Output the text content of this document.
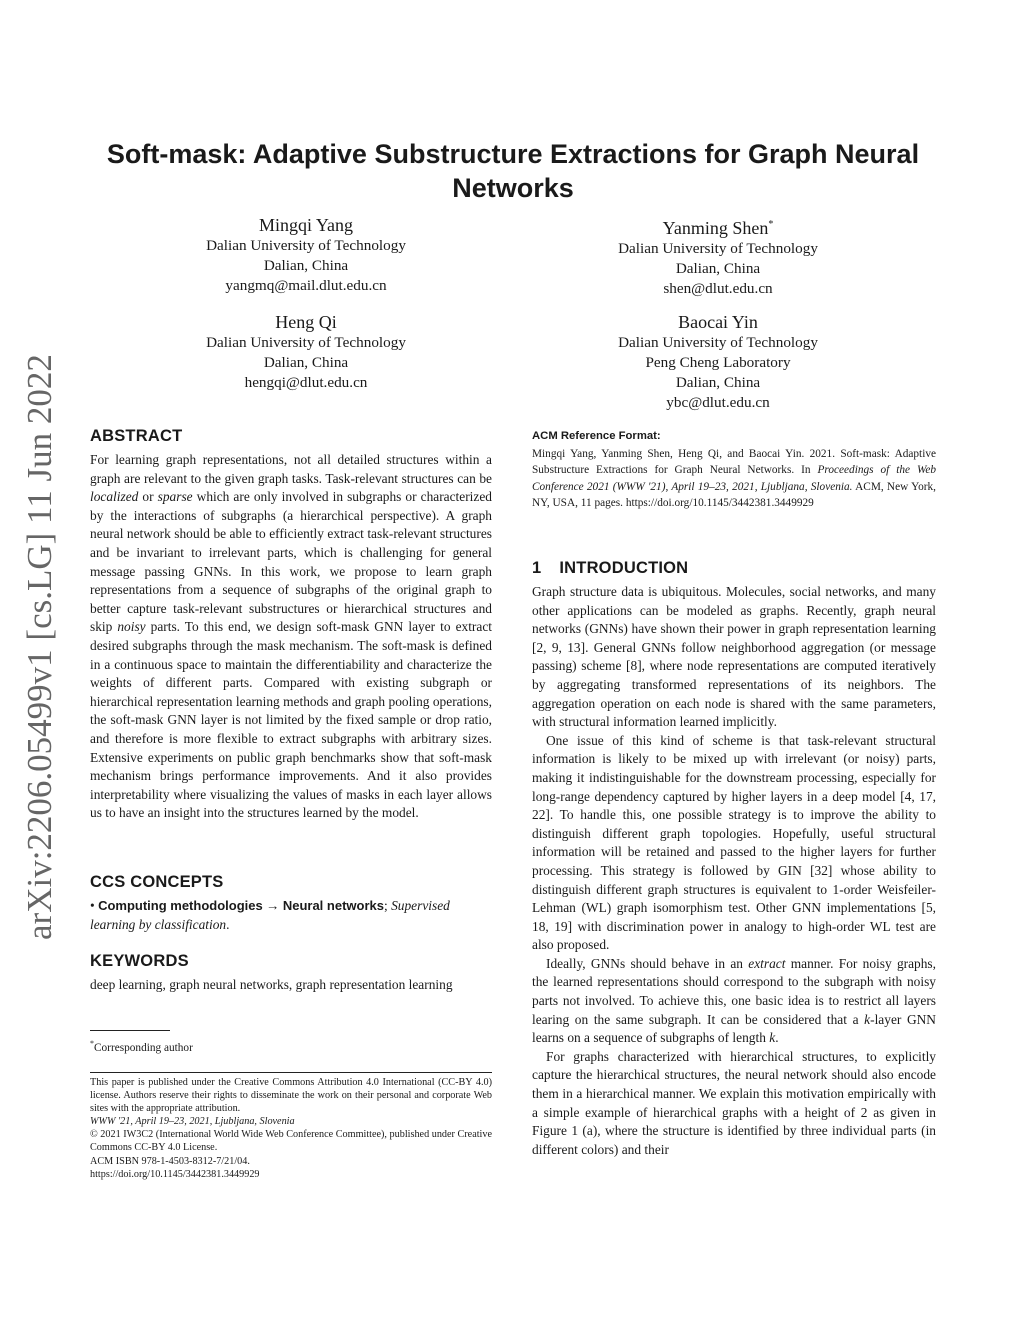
arXiv:2206.05499v1 [cs.LG] 11 Jun 2022
Soft-mask: Adaptive Substructure Extractions for Graph Neural Networks
Mingqi Yang
Dalian University of Technology
Dalian, China
yangmq@mail.dlut.edu.cn
Yanming Shen*
Dalian University of Technology
Dalian, China
shen@dlut.edu.cn
Heng Qi
Dalian University of Technology
Dalian, China
hengqi@dlut.edu.cn
Baocai Yin
Dalian University of Technology
Peng Cheng Laboratory
Dalian, China
ybc@dlut.edu.cn
ABSTRACT

For learning graph representations, not all detailed structures within a graph are relevant to the given graph tasks. Task-relevant structures can be localized or sparse which are only involved in subgraphs or characterized by the interactions of subgraphs (a hierarchical perspective). A graph neural network should be able to efficiently extract task-relevant structures and be invariant to irrelevant parts, which is challenging for general message passing GNNs. In this work, we propose to learn graph representations from a sequence of subgraphs of the original graph to better capture task-relevant substructures or hierarchical structures and skip noisy parts. To this end, we design soft-mask GNN layer to extract desired subgraphs through the mask mechanism. The soft-mask is defined in a continuous space to maintain the differentiability and characterize the weights of different parts. Compared with existing subgraph or hierarchical representation learning methods and graph pooling operations, the soft-mask GNN layer is not limited by the fixed sample or drop ratio, and therefore is more flexible to extract subgraphs with arbitrary sizes. Extensive experiments on public graph benchmarks show that soft-mask mechanism brings performance improvements. And it also provides interpretability where visualizing the values of masks in each layer allows us to have an insight into the structures learned by the model.

CCS CONCEPTS

• Computing methodologies → Neural networks; Supervised learning by classification.

KEYWORDS
deep learning, graph neural networks, graph representation learning
*Corresponding author
This paper is published under the Creative Commons Attribution 4.0 International (CC-BY 4.0) license. Authors reserve their rights to disseminate the work on their personal and corporate Web sites with the appropriate attribution.
WWW '21, April 19–23, 2021, Ljubljana, Slovenia
© 2021 IW3C2 (International World Wide Web Conference Committee), published under Creative Commons CC-BY 4.0 License.
ACM ISBN 978-1-4503-8312-7/21/04.
https://doi.org/10.1145/3442381.3449929
ACM Reference Format:
Mingqi Yang, Yanming Shen, Heng Qi, and Baocai Yin. 2021. Soft-mask: Adaptive Substructure Extractions for Graph Neural Networks. In Proceedings of the Web Conference 2021 (WWW '21), April 19–23, 2021, Ljubljana, Slovenia. ACM, New York, NY, USA, 11 pages. https://doi.org/10.1145/3442381.3449929
1 INTRODUCTION

Graph structure data is ubiquitous. Molecules, social networks, and many other applications can be modeled as graphs. Recently, graph neural networks (GNNs) have shown their power in graph representation learning [2, 9, 13]. General GNNs follow neighborhood aggregation (or message passing) scheme [8], where node representations are computed iteratively by aggregating transformed representations of its neighbors. The aggregation operation on each node is shared with the same parameters, with structural information learned implicitly.

One issue of this kind of scheme is that task-relevant structural information is likely to be mixed up with irrelevant (or noisy) parts, making it indistinguishable for the downstream processing, especially for long-range dependency captured by higher layers in a deep model [4, 17, 22]. To handle this, one possible strategy is to improve the ability to distinguish different graph topologies. Hopefully, useful structural information will be retained and passed to the higher layers for further processing. This strategy is followed by GIN [32] whose ability to distinguish different graph structures is equivalent to 1-order Weisfeiler-Lehman (WL) graph isomorphism test. Other GNN implementations [5, 18, 19] with discrimination power in analogy to high-order WL test are also proposed.

Ideally, GNNs should behave in an extract manner. For noisy graphs, the learned representations should correspond to the subgraph with noisy parts not involved. To achieve this, one basic idea is to restrict all layers learing on the same subgraph. It can be considered that a k-layer GNN learns on a sequence of subgraphs of length k.

For graphs characterized with hierarchical structures, to explicitly capture the hierarchical structures, the neural network should also encode them in a hierarchical manner. We explain this motivation empirically with a simple example of hierarchical graphs with a height of 2 as given in Figure 1 (a), where the structure is identified by three individual parts (in different colors) and their
